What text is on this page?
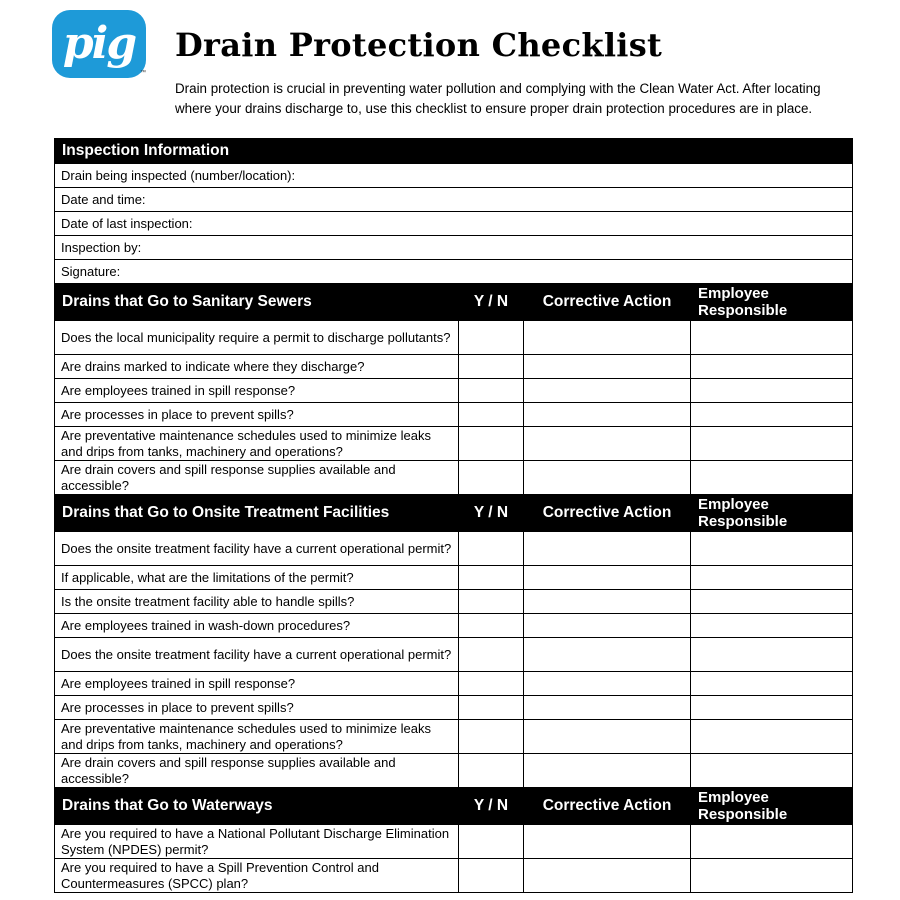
pig
™
Drain Protection Checklist
Drain protection is crucial in preventing water pollution and complying with the Clean Water Act. After locating where your drains discharge to, use this checklist to ensure proper drain protection procedures are in place.
Inspection Information			
Drain being inspected (number/location):			
Date and time:			
Date of last inspection:			
Inspection by:			
Signature:			
Drains that Go to Sanitary Sewers	Y / N	Corrective Action	Employee Responsible
Does the local municipality require a permit to discharge pollutants?			
Are drains marked to indicate where they discharge?			
Are employees trained in spill response?			
Are processes in place to prevent spills?			
Are preventative maintenance schedules used to minimize leaks and drips from tanks, machinery and operations?			
Are drain covers and spill response supplies available and accessible?			
Drains that Go to Onsite Treatment Facilities	Y / N	Corrective Action	Employee Responsible
Does the onsite treatment facility have a current operational permit?			
If applicable, what are the limitations of the permit?			
Is the onsite treatment facility able to handle spills?			
Are employees trained in wash-down procedures?			
Does the onsite treatment facility have a current operational permit?			
Are employees trained in spill response?			
Are processes in place to prevent spills?			
Are preventative maintenance schedules used to minimize leaks and drips from tanks, machinery and operations?			
Are drain covers and spill response supplies available and accessible?			
Drains that Go to Waterways	Y / N	Corrective Action	Employee Responsible
Are you required to have a National Pollutant Discharge Elimination System (NPDES) permit?			
Are you required to have a Spill Prevention Control and Countermeasures (SPCC) plan?			
